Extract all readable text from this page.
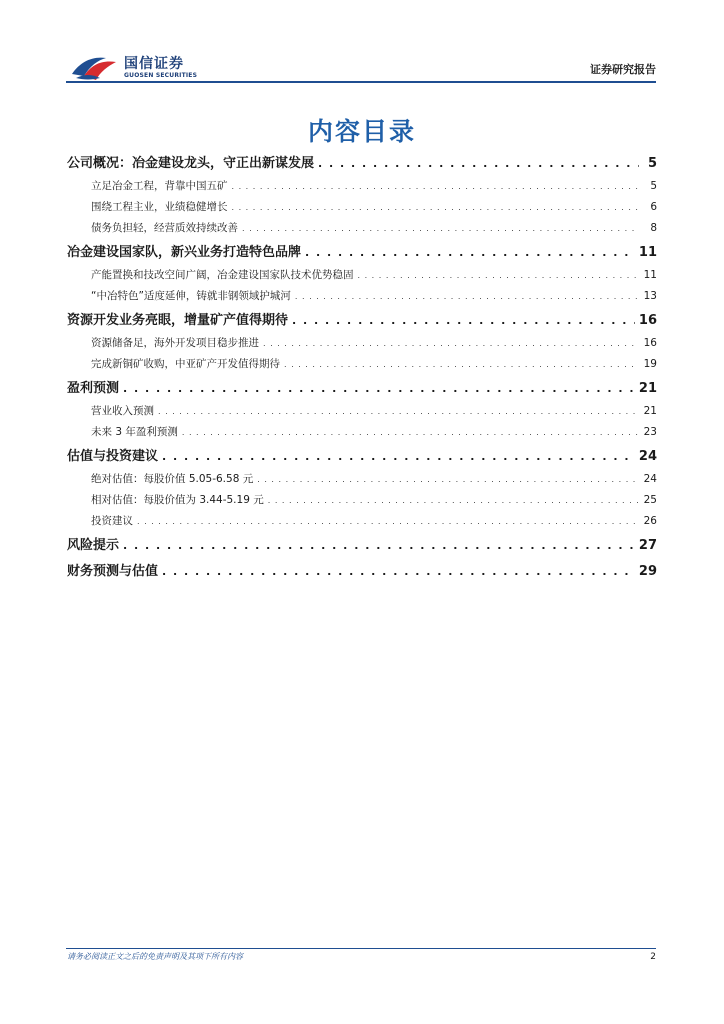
国信证券
GUOSEN SECURITIES	证券研究报告
内容目录
公司概况：冶金建设龙头，守正出新谋发展 . . .	5
立足冶金工程，背靠中国五矿 . . .	5
围绕工程主业，业绩稳健增长 . . .	6
债务负担轻，经营质效持续改善 . . .	8
冶金建设国家队，新兴业务打造特色品牌 . . .	11
产能置换和技改空间广阔，冶金建设国家队技术优势稳固 . . .	11
“中冶特色”适度延伸，铸就非钢领域护城河 . . .	13
资源开发业务亮眼，增量矿产值得期待 . . .	16
资源储备足，海外开发项目稳步推进 . . .	16
完成新铜矿收购，中亚矿产开发值得期待 . . .	19
盈利预测 . . .	21
营业收入预测 . . .	21
未来 3 年盈利预测 . . .	23
估值与投资建议 . . .	24
绝对估值：每股价值 5.05-6.58 元 . . .	24
相对估值：每股价值为 3.44-5.19 元 . . .	25
投资建议 . . .	26
风险提示 . . .	27
财务预测与估值 . . .	29
请务必阅读正文之后的免责声明及其项下所有内容	2
